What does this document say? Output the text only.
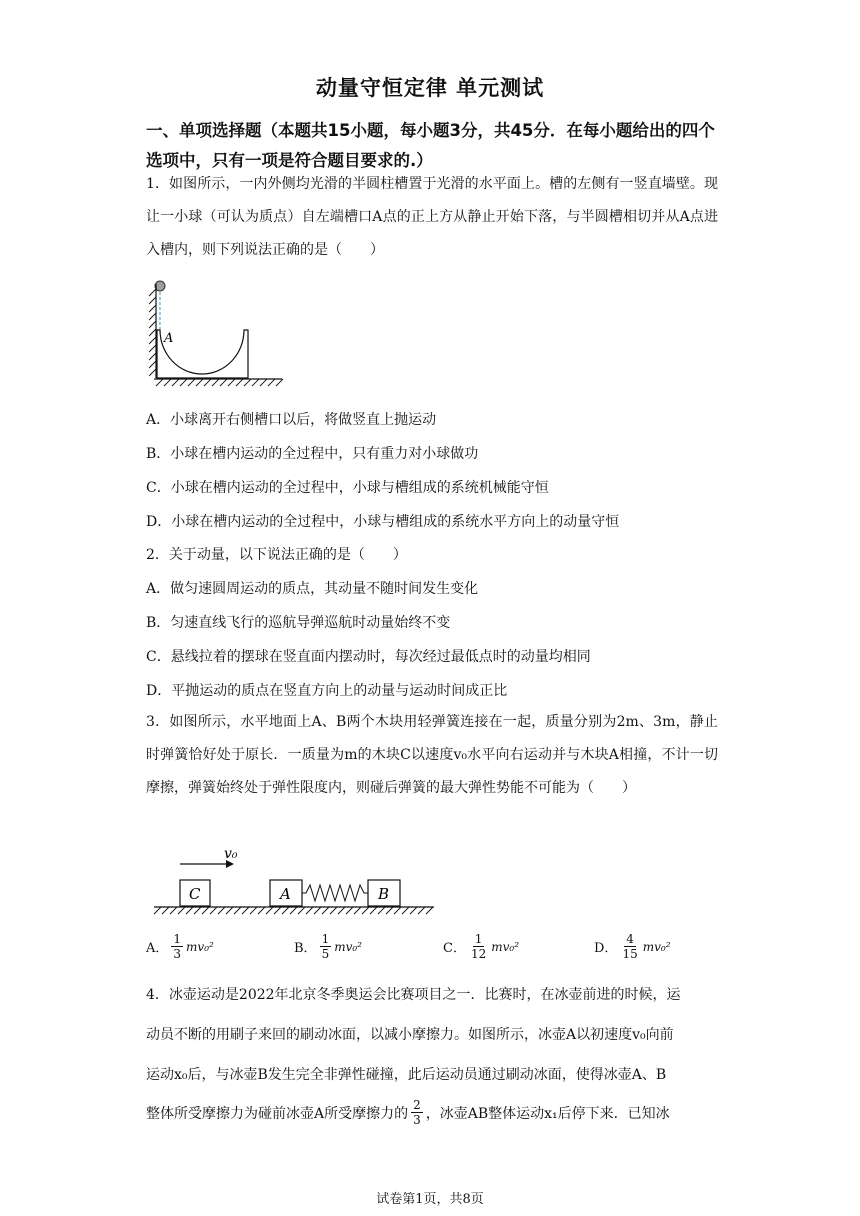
动量守恒定律 单元测试
一、单项选择题（本题共15小题，每小题3分，共45分．在每小题给出的四个选项中，只有一项是符合题目要求的.）
1．如图所示，一内外侧均光滑的半圆柱槽置于光滑的水平面上。槽的左侧有一竖直墙壁。现让一小球（可认为质点）自左端槽口A点的正上方从静止开始下落，与半圆槽相切并从A点进入槽内，则下列说法正确的是（　　）
A
A．小球离开右侧槽口以后，将做竖直上抛运动
B．小球在槽内运动的全过程中，只有重力对小球做功
C．小球在槽内运动的全过程中，小球与槽组成的系统机械能守恒
D．小球在槽内运动的全过程中，小球与槽组成的系统水平方向上的动量守恒
2．关于动量，以下说法正确的是（　　）
A．做匀速圆周运动的质点，其动量不随时间发生变化
B．匀速直线飞行的巡航导弹巡航时动量始终不变
C．悬线拉着的摆球在竖直面内摆动时，每次经过最低点时的动量均相同
D．平抛运动的质点在竖直方向上的动量与运动时间成正比
3．如图所示，水平地面上A、B两个木块用轻弹簧连接在一起，质量分别为2m、3m，静止时弹簧恰好处于原长．一质量为m的木块C以速度v₀水平向右运动并与木块A相撞，不计一切摩擦，弹簧始终处于弹性限度内，则碰后弹簧的最大弹性势能不可能为（　　）
v₀
C	A	B
A． $\frac{1}{3} mv_0^2$	B． $\frac{1}{5} mv_0^2$	C． $\frac{1}{12} mv_0^2$	D． $\frac{4}{15} mv_0^2$
4．冰壶运动是2022年北京冬季奥运会比赛项目之一．比赛时，在冰壶前进的时候，运
动员不断的用刷子来回的刷动冰面，以减小摩擦力。如图所示，冰壶A以初速度v₀向前
运动x₀后，与冰壶B发生完全非弹性碰撞，此后运动员通过刷动冰面，使得冰壶A、B
整体所受摩擦力为碰前冰壶A所受摩擦力的 $\frac{2}{3}$ ，冰壶AB整体运动x₁后停下来．已知冰
试卷第1页，共8页
